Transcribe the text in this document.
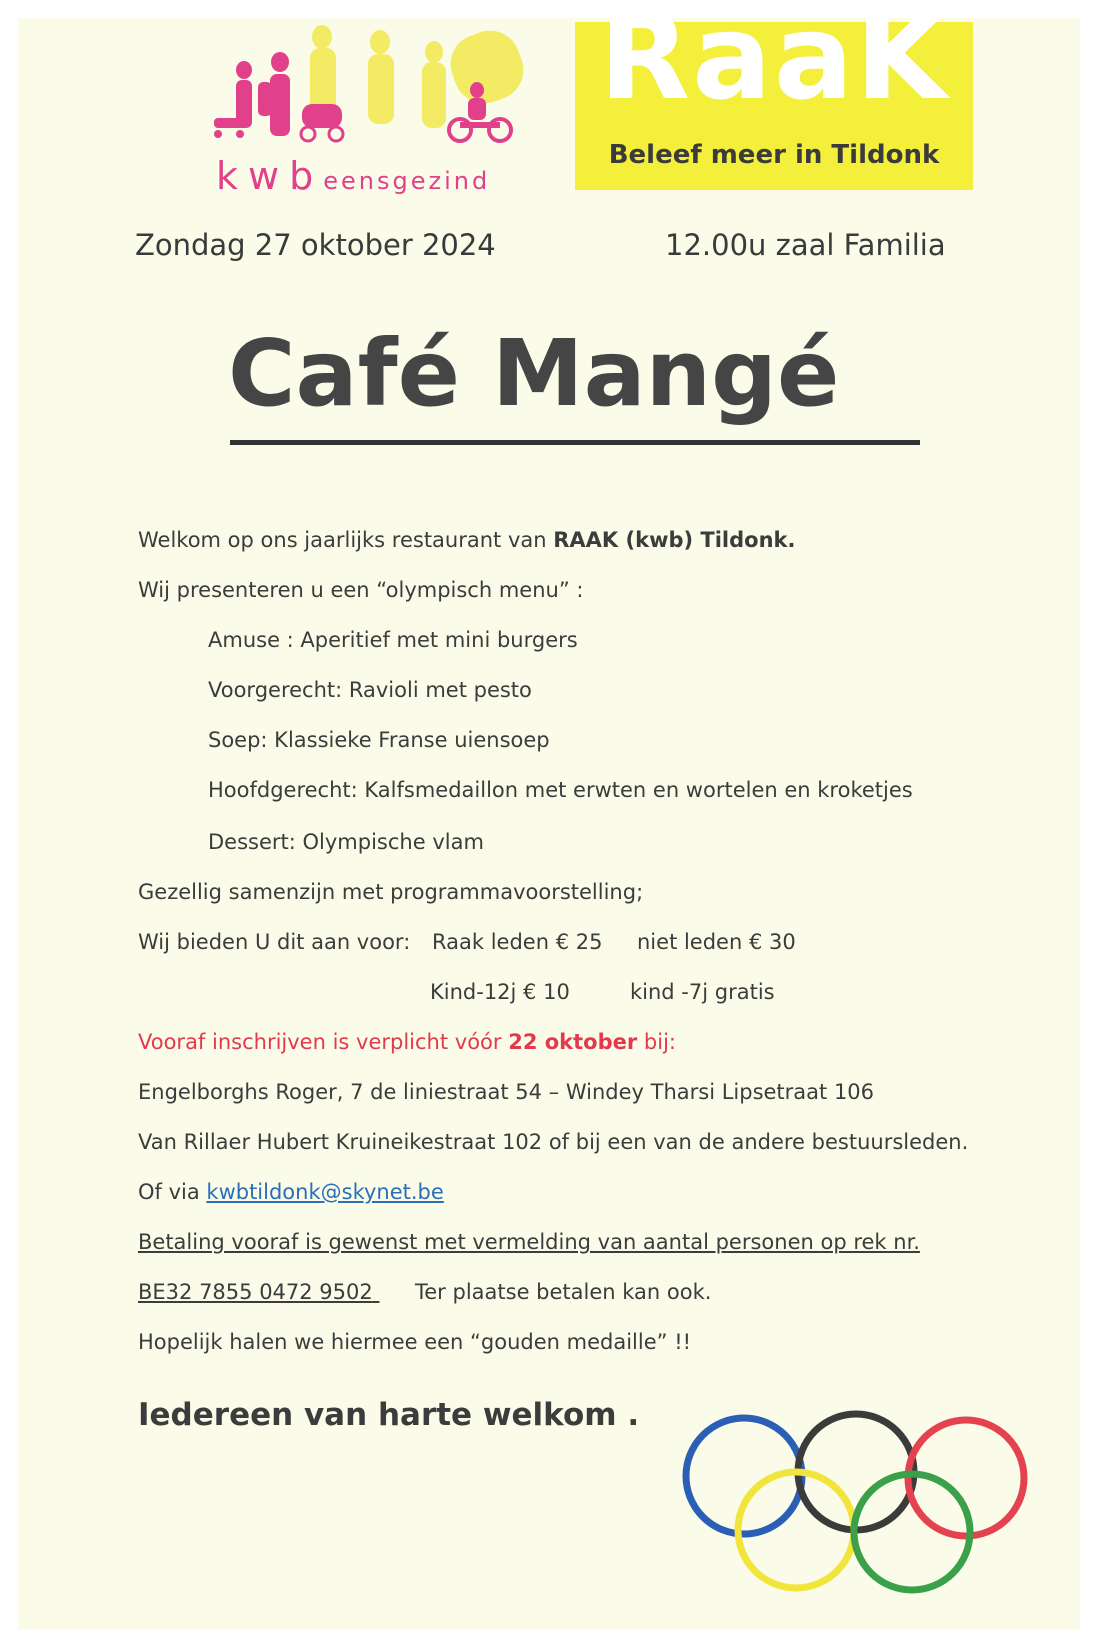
kwbeensgezind
RaaK
Beleef meer in Tildonk
Zondag 27 oktober 2024	12.00u zaal Familia
Café Mangé
Welkom op ons jaarlijks restaurant van RAAK (kwb) Tildonk.
Wij presenteren u een “olympisch menu” :
Amuse : Aperitief met mini burgers
Voorgerecht: Ravioli met pesto
Soep: Klassieke Franse uiensoep
Hoofdgerecht: Kalfsmedaillon met erwten en wortelen en kroketjes
Dessert: Olympische vlam
Gezellig samenzijn met programmavoorstelling;
Wij bieden U dit aan voor: Raak leden € 25 niet leden € 30
Kind-12j € 10	kind -7j gratis
Vooraf inschrijven is verplicht vóór 22 oktober bij:
Engelborghs Roger, 7 de liniestraat 54 – Windey Tharsi Lipsetraat 106
Van Rillaer Hubert Kruineikestraat 102 of bij een van de andere bestuursleden.
Of via kwbtildonk@skynet.be
Betaling vooraf is gewenst met vermelding van aantal personen op rek nr.
BE32 7855 0472 9502	Ter plaatse betalen kan ook.
Hopelijk halen we hiermee een “gouden medaille” !!
Iedereen van harte welkom .
